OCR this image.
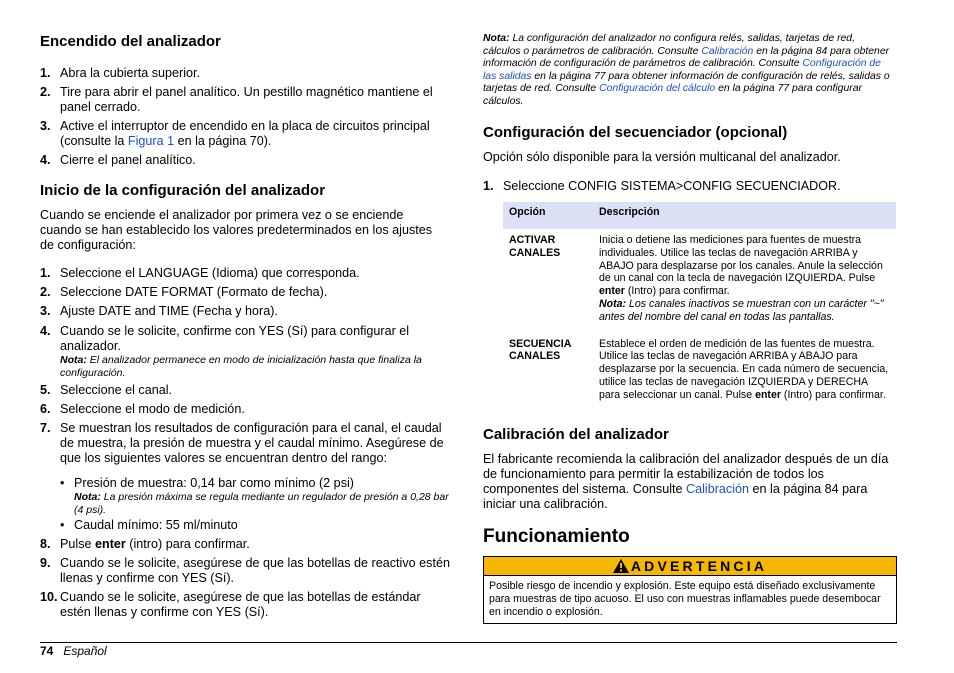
Encendido del analizador
1. Abra la cubierta superior.
2. Tire para abrir el panel analítico. Un pestillo magnético mantiene el panel cerrado.
3. Active el interruptor de encendido en la placa de circuitos principal (consulte la Figura 1 en la página 70).
4. Cierre el panel analítico.
Inicio de la configuración del analizador

Cuando se enciende el analizador por primera vez o se enciende cuando se han establecido los valores predeterminados en los ajustes de configuración:

1. Seleccione el LANGUAGE (Idioma) que corresponda.
2. Seleccione DATE FORMAT (Formato de fecha).
3. Ajuste DATE and TIME (Fecha y hora).
4. Cuando se le solicite, confirme con YES (Sí) para configurar el analizador.
Nota: El analizador permanece en modo de inicialización hasta que finaliza la configuración.
5. Seleccione el canal.
6. Seleccione el modo de medición.
7. Se muestran los resultados de configuración para el canal, el caudal de muestra, la presión de muestra y el caudal mínimo. Asegúrese de que los siguientes valores se encuentran dentro del rango:
• Presión de muestra: 0,14 bar como mínimo (2 psi)
Nota: La presión máxima se regula mediante un regulador de presión a 0,28 bar (4 psi).
• Caudal mínimo: 55 ml/minuto
8. Pulse enter (intro) para confirmar.
9. Cuando se le solicite, asegúrese de que las botellas de reactivo estén llenas y confirme con YES (Sí).
10. Cuando se le solicite, asegúrese de que las botellas de estándar estén llenas y confirme con YES (Sí).
Nota: La configuración del analizador no configura relés, salidas, tarjetas de red, cálculos o parámetros de calibración. Consulte Calibración en la página 84 para obtener información de configuración de parámetros de calibración. Consulte Configuración de las salidas en la página 77 para obtener información de configuración de relés, salidas o tarjetas de red. Consulte Configuración del cálculo en la página 77 para configurar cálculos.
Configuración del secuenciador (opcional)

Opción sólo disponible para la versión multicanal del analizador.

1. Seleccione CONFIG SISTEMA>CONFIG SECUENCIADOR.
Opción	Descripción
ACTIVAR
CANALES	Inicia o detiene las mediciones para fuentes de muestra individuales. Utilice las teclas de navegación ARRIBA y ABAJO para desplazarse por los canales. Anule la selección de un canal con la tecla de navegación IZQUIERDA. Pulse enter (Intro) para confirmar.
Nota: Los canales inactivos se muestran con un carácter "~" antes del nombre del canal en todas las pantallas.
SECUENCIA
CANALES	Establece el orden de medición de las fuentes de muestra. Utilice las teclas de navegación ARRIBA y ABAJO para desplazarse por la secuencia. En cada número de secuencia, utilice las teclas de navegación IZQUIERDA y DERECHA para seleccionar un canal. Pulse enter (Intro) para confirmar.
Calibración del analizador

El fabricante recomienda la calibración del analizador después de un día de funcionamiento para permitir la estabilización de todos los componentes del sistema. Consulte Calibración en la página 84 para iniciar una calibración.

Funcionamiento
ADVERTENCIA
Posible riesgo de incendio y explosión. Este equipo está diseñado exclusivamente para muestras de tipo acuoso. El uso con muestras inflamables puede desembocar en incendio o explosión.
74 Español
